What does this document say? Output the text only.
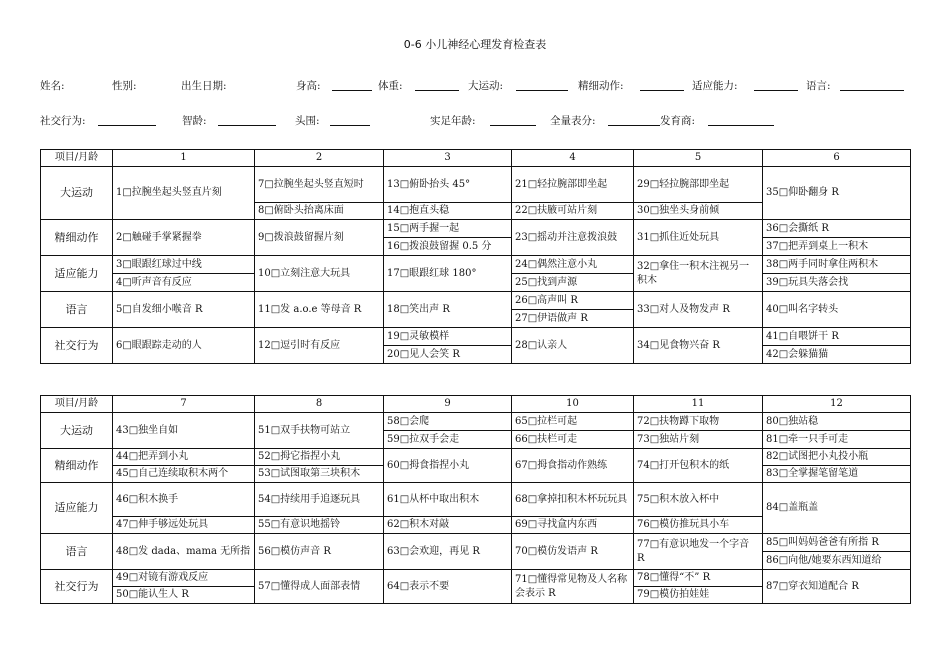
0-6 小儿神经心理发育检查表
姓名:	性别:	出生日期:	身高:	体重:	大运动:	精细动作:	适应能力:	语言:
社交行为:	智龄:	头围:	实足年龄:	全量表分:	发育商:
项目/月龄	1	2	3	4	5	6
大运动	1□拉腕坐起头竖直片刻	7□拉腕坐起头竖直短时	13□俯卧抬头 45°	21□轻拉腕部即坐起	29□轻拉腕部即坐起	35□仰卧翻身 R
		8□俯卧头抬离床面	14□抱直头稳	22□扶腋可站片刻	30□独坐头身前倾	
精细动作	2□触碰手掌紧握拳	9□拨浪鼓留握片刻	15□两手握一起	23□摇动并注意拨浪鼓	31□抓住近处玩具	36□会撕纸 R
			16□拨浪鼓留握 0.5 分			37□把弄到桌上一积木
适应能力	3□眼跟红球过中线	10□立刻注意大玩具	17□眼跟红球 180°	24□偶然注意小丸	32□拿住一积木注视另一 积木	38□两手同时拿住两积木
	4□听声音有反应			25□找到声源		39□玩具失落会找
语言	5□自发细小喉音 R	11□发 a.o.e 等母音 R	18□笑出声 R	26□高声叫 R	33□对人及物发声 R	40□叫名字转头
				27□伊语做声 R		
社交行为	6□眼跟踪走动的人	12□逗引时有反应	19□灵敏模样	28□认亲人	34□见食物兴奋 R	41□自喂饼干 R
			20□见人会笑 R			42□会躲猫猫
项目/月龄	7	8	9	10	11	12
大运动	43□独坐自如	51□双手扶物可站立	58□会爬	65□拉栏可起	72□扶物蹲下取物	80□独站稳
			59□拉双手会走	66□扶栏可走	73□独站片刻	81□牵一只手可走
精细动作	44□把弄到小丸	52□拇它指捏小丸	60□拇食指捏小丸	67□拇食指动作熟练	74□打开包积木的纸	82□试图把小丸投小瓶
	45□自己连续取积木两个	53□试图取第三块积木				83□全掌握笔留笔道
适应能力	46□积木换手	54□持续用手追逐玩具	61□从杯中取出积木	68□拿掉扣积木杯玩玩具	75□积木放入杯中	84□盖瓶盖
	47□伸手够远处玩具	55□有意识地摇铃	62□积木对敲	69□寻找盒内东西	76□模仿推玩具小车	
语言	48□发 dada、mama 无所指	56□模仿声音 R	63□会欢迎，再见 R	70□模仿发语声 R	77□有意识地发一个字音 R	85□叫妈妈爸爸有所指 R
						86□向他/她要东西知道给
社交行为	49□对镜有游戏反应	57□懂得成人面部表情	64□表示不要	71□懂得常见物及人名称会表示 R	78□懂得“不” R	87□穿衣知道配合 R
	50□能认生人 R				79□模仿拍娃娃	
